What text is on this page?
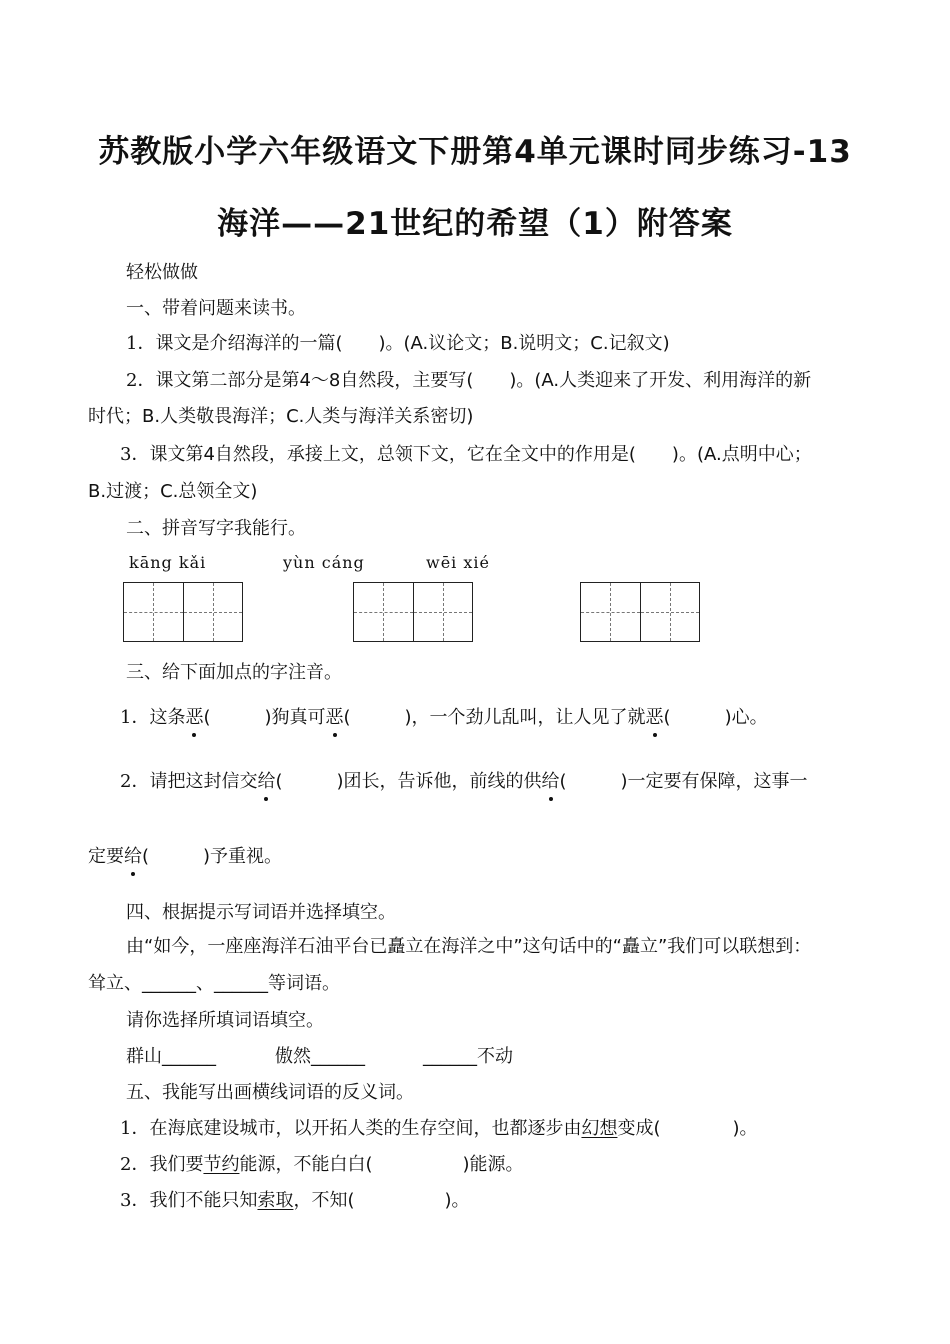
苏教版小学六年级语文下册第4单元课时同步练习-13
海洋——21世纪的希望（1）附答案
轻松做做
一、带着问题来读书。
1．课文是介绍海洋的一篇(　　)。(A.议论文；B.说明文；C.记叙文)
2．课文第二部分是第4～8自然段，主要写(　　)。(A.人类迎来了开发、利用海洋的新
时代；B.人类敬畏海洋；C.人类与海洋关系密切)
3．课文第4自然段，承接上文，总领下文，它在全文中的作用是(　　)。(A.点明中心；
B.过渡；C.总领全文)
二、拼音写字我能行。
kāng kǎi	yùn cáng	wēi xié
三、给下面加点的字注音。
1．这条恶(　　　)狗真可恶(　　　)，一个劲儿乱叫，让人见了就恶(　　　)心。
2．请把这封信交给(　　　)团长，告诉他，前线的供给(　　　)一定要有保障，这事一
定要给(　　　)予重视。
四、根据提示写词语并选择填空。
由“如今，一座座海洋石油平台已矗立在海洋之中”这句话中的“矗立”我们可以联想到：
耸立、______、______等词语。
请你选择所填词语填空。
群山______	傲然______	______不动
五、我能写出画横线词语的反义词。
1．在海底建设城市，以开拓人类的生存空间，也都逐步由幻想变成(　　　　)。
2．我们要节约能源，不能白白(　　　　　)能源。
3．我们不能只知索取，不知(　　　　　)。
